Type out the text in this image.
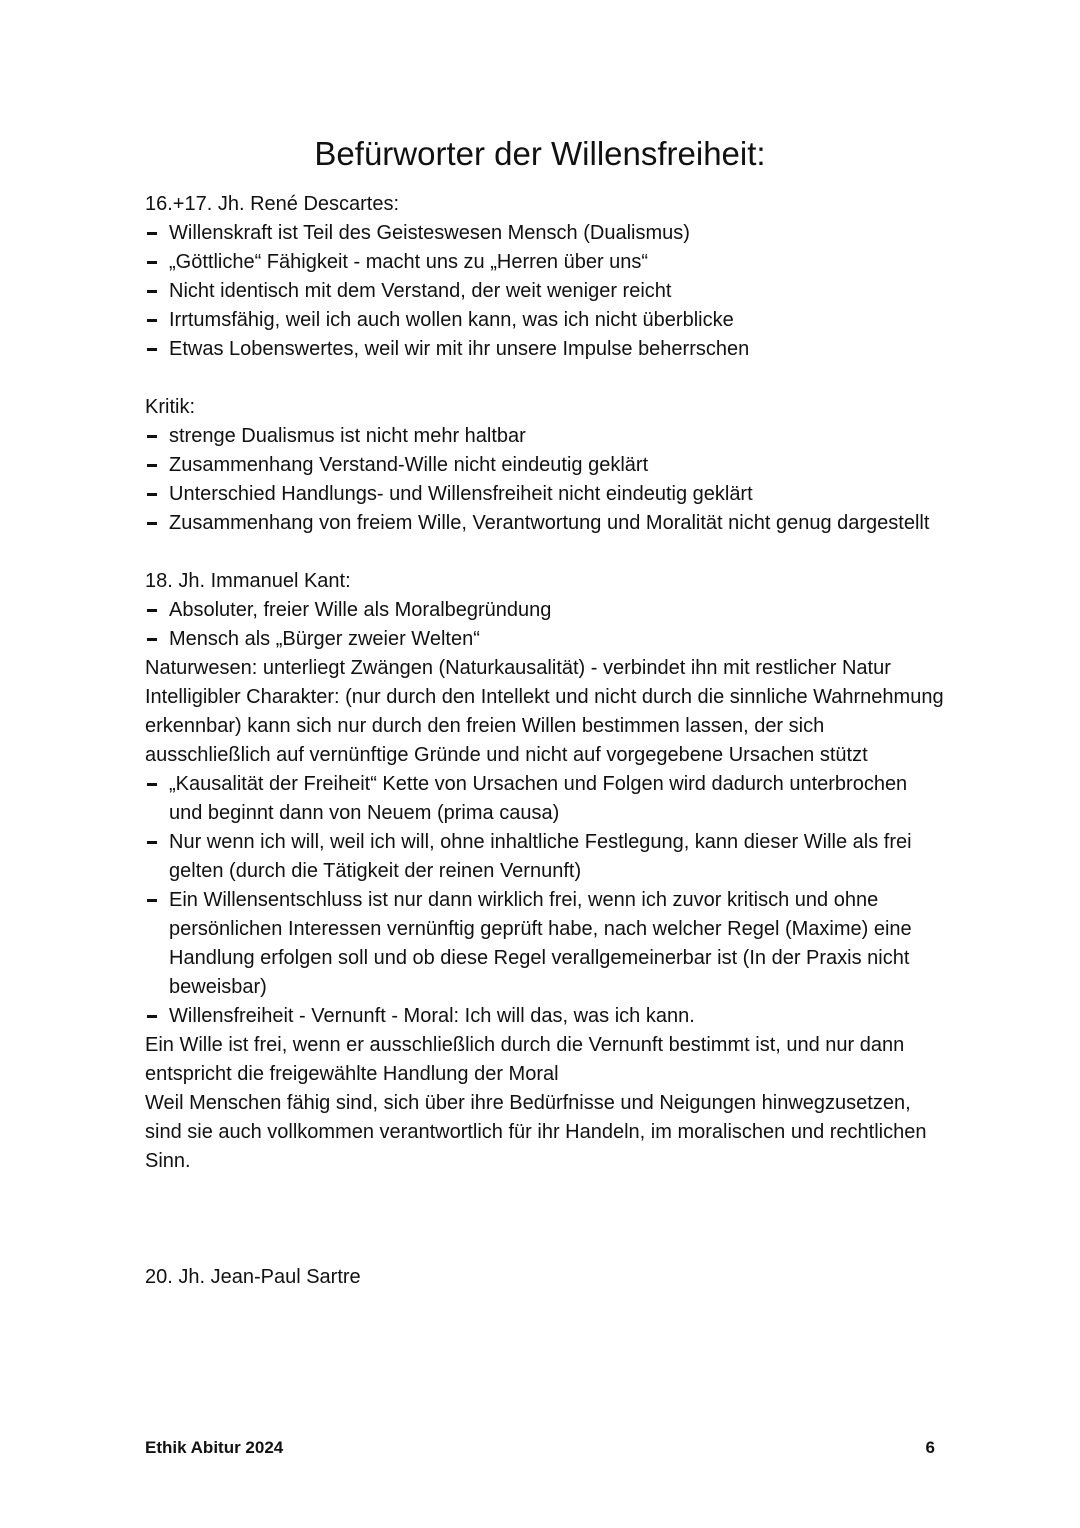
Befürworter der Willensfreiheit:

16.+17. Jh. René Descartes:

Willenskraft ist Teil des Geisteswesen Mensch (Dualismus)
„Göttliche“ Fähigkeit - macht uns zu „Herren über uns“
Nicht identisch mit dem Verstand, der weit weniger reicht
Irrtumsfähig, weil ich auch wollen kann, was ich nicht überblicke
Etwas Lobenswertes, weil wir mit ihr unsere Impulse beherrschen

Kritik:

strenge Dualismus ist nicht mehr haltbar
Zusammenhang Verstand-Wille nicht eindeutig geklärt
Unterschied Handlungs- und Willensfreiheit nicht eindeutig geklärt
Zusammenhang von freiem Wille, Verantwortung und Moralität nicht genug dargestellt

18. Jh. Immanuel Kant:

Absoluter, freier Wille als Moralbegründung
Mensch als „Bürger zweier Welten“

Naturwesen: unterliegt Zwängen (Naturkausalität) - verbindet ihn mit restlicher Natur

Intelligibler Charakter: (nur durch den Intellekt und nicht durch die sinnliche Wahrnehmung erkennbar) kann sich nur durch den freien Willen bestimmen lassen, der sich ausschließlich auf vernünftige Gründe und nicht auf vorgegebene Ursachen stützt

„Kausalität der Freiheit“ Kette von Ursachen und Folgen wird dadurch unterbrochen und beginnt dann von Neuem (prima causa)
Nur wenn ich will, weil ich will, ohne inhaltliche Festlegung, kann dieser Wille als frei gelten (durch die Tätigkeit der reinen Vernunft)
Ein Willensentschluss ist nur dann wirklich frei, wenn ich zuvor kritisch und ohne persönlichen Interessen vernünftig geprüft habe, nach welcher Regel (Maxime) eine Handlung erfolgen soll und ob diese Regel verallgemeinerbar ist (In der Praxis nicht beweisbar)
Willensfreiheit - Vernunft - Moral: Ich will das, was ich kann.

Ein Wille ist frei, wenn er ausschließlich durch die Vernunft bestimmt ist, und nur dann entspricht die freigewählte Handlung der Moral

Weil Menschen fähig sind, sich über ihre Bedürfnisse und Neigungen hinwegzusetzen, sind sie auch vollkommen verantwortlich für ihr Handeln, im moralischen und rechtlichen Sinn.

20. Jh. Jean-Paul Sartre

Ethik Abitur 2024	6
